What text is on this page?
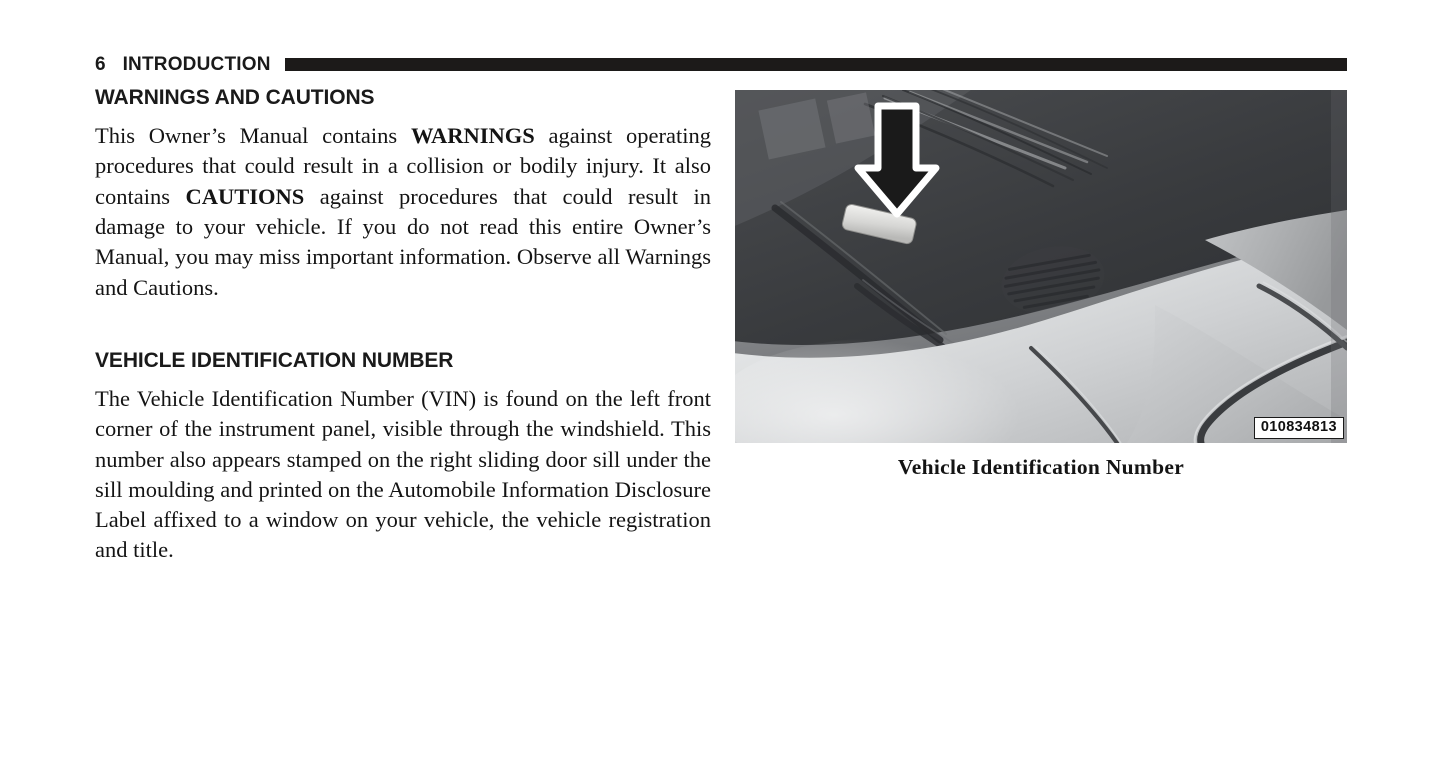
6 INTRODUCTION
WARNINGS AND CAUTIONS

This Owner’s Manual contains WARNINGS against operating procedures that could result in a collision or bodily injury. It also contains CAUTIONS against procedures that could result in damage to your vehicle. If you do not read this entire Owner’s Manual, you may miss important information. Observe all Warnings and Cautions.

VEHICLE IDENTIFICATION NUMBER

The Vehicle Identification Number (VIN) is found on the left front corner of the instrument panel, visible through the windshield. This number also appears stamped on the right sliding door sill under the sill moulding and printed on the Automobile Information Disclosure Label affixed to a window on your vehicle, the vehicle registration and title.

010834813
Vehicle Identification Number
